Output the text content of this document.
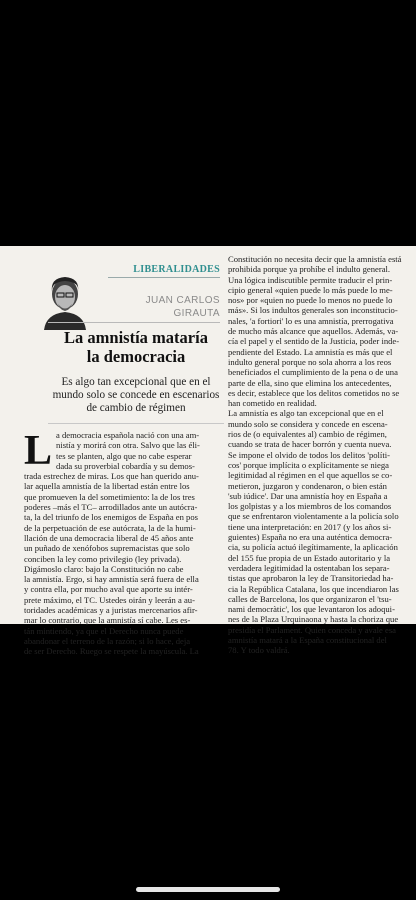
LIBERALIDADES
JUAN CARLOS
GIRAUTA
La amnistía mataría
la democracia
Es algo tan excepcional que en el
mundo solo se concede en escenarios
de cambio de régimen
L a democracia española nació con una am-
nistía y morirá con otra. Salvo que las éli-
tes se planten, algo que no cabe esperar
dada su proverbial cobardía y su demos-
trada estrechez de miras. Los que han querido anu-
lar aquella amnistía de la libertad están entre los
que promueven la del sometimiento: la de los tres
poderes –más el TC– arrodillados ante un autócra-
ta, la del triunfo de los enemigos de España en pos
de la perpetuación de ese autócrata, la de la humi-
llación de una democracia liberal de 45 años ante
un puñado de xenófobos supremacistas que solo
conciben la ley como privilegio (ley privada).
Digámoslo claro: bajo la Constitución no cabe
la amnistía. Ergo, si hay amnistía será fuera de ella
y contra ella, por mucho aval que aporte su intér-
prete máximo, el TC. Ustedes oirán y leerán a au-
toridades académicas y a juristas mercenarios afir-
mar lo contrario, que la amnistía sí cabe. Les es-
tán mintiendo, ya que el Derecho nunca puede
abandonar el terreno de la razón; si lo hace, deja
de ser Derecho. Ruego se respete la mayúscula. La
Constitución no necesita decir que la amnistía está
prohibida porque ya prohíbe el indulto general.
Una lógica indiscutible permite traducir el prin-
cipio general «quien puede lo más puede lo me-
nos» por «quien no puede lo menos no puede lo
más». Si los indultos generales son inconstitucio-
nales, 'a fortiori' lo es una amnistía, prerrogativa
de mucho más alcance que aquellos. Además, va-
cía el papel y el sentido de la Justicia, poder inde-
pendiente del Estado. La amnistía es más que el
indulto general porque no sola ahorra a los reos
beneficiados el cumplimiento de la pena o de una
parte de ella, sino que elimina los antecedentes,
es decir, establece que los delitos cometidos no se
han cometido en realidad.
La amnistía es algo tan excepcional que en el
mundo solo se considera y concede en escena-
rios de (o equivalentes al) cambio de régimen,
cuando se trata de hacer borrón y cuenta nueva.
Se impone el olvido de todos los delitos 'políti-
cos' porque implícita o explícitamente se niega
legitimidad al régimen en el que aquellos se co-
metieron, juzgaron y condenaron, o bien están
'sub iúdice'. Dar una amnistía hoy en España a
los golpistas y a los miembros de los comandos
que se enfrentaron violentamente a la policía solo
tiene una interpretación: en 2017 (y los años si-
guientes) España no era una auténtica democra-
cia, su policía actuó ilegítimamente, la aplicación
del 155 fue propia de un Estado autoritario y la
verdadera legitimidad la ostentaban los separa-
tistas que aprobaron la ley de Transitoriedad ha-
cia la República Catalana, los que incendiaron las
calles de Barcelona, los que organizaron el 'tsu-
nami democràtic', los que levantaron los adoqui-
nes de la Plaza Urquinaona y hasta la choriza que
presidía el Parlament. Quien conceda y avale esa
amnistía matará a la España constitucional del
78. Y todo valdrá.
